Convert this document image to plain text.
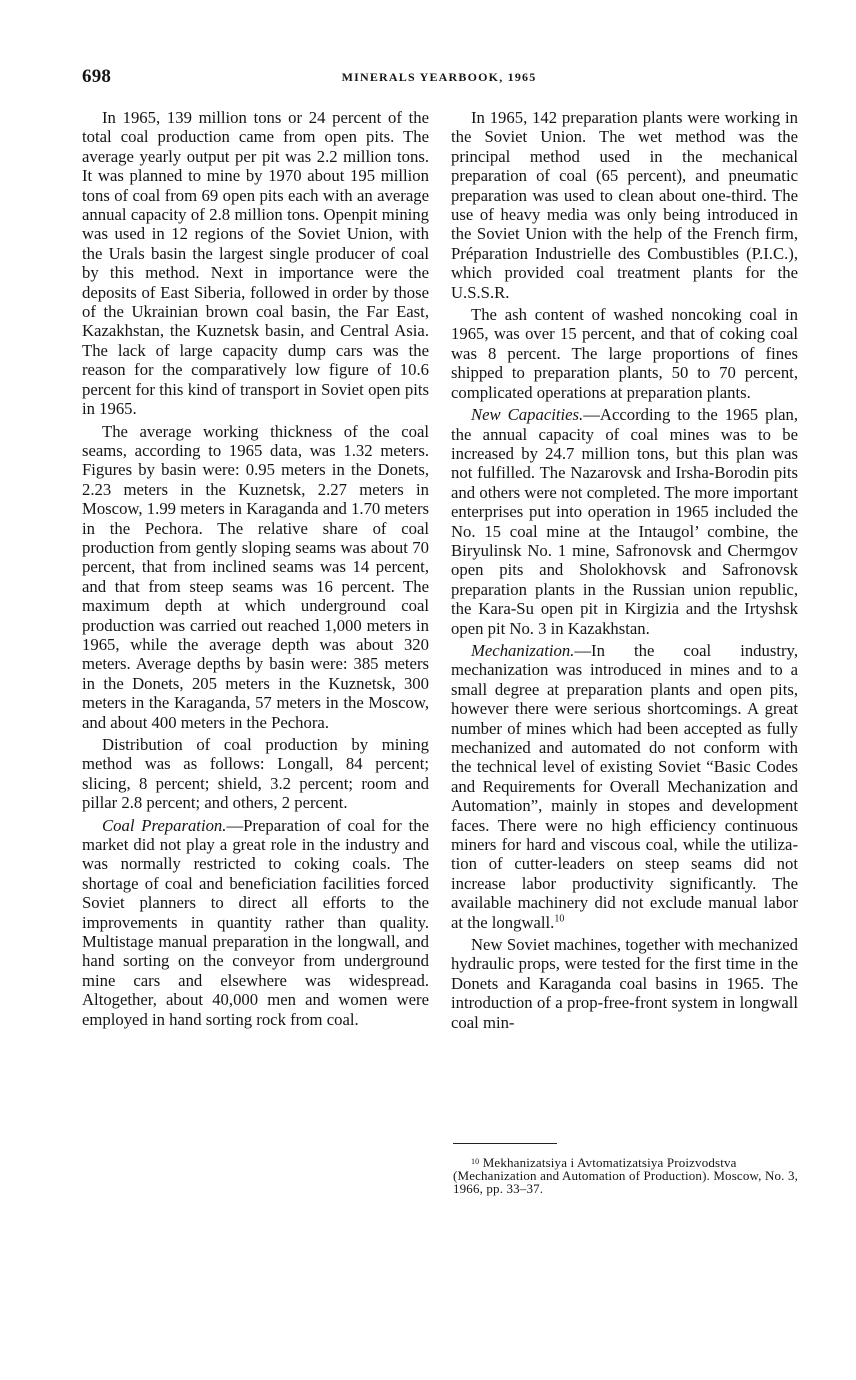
698	MINERALS YEARBOOK, 1965

In 1965, 139 million tons or 24 percent of the total coal production came from open pits. The average yearly output per pit was 2.2 million tons. It was planned to mine by 1970 about 195 million tons of coal from 69 open pits each with an average annual capacity of 2.8 million tons. Openpit mining was used in 12 regions of the Soviet Union, with the Urals basin the largest single producer of coal by this method. Next in importance were the deposits of East Siberia, followed in order by those of the Ukrainian brown coal basin, the Far East, Kazakhstan, the Kuznetsk basin, and Central Asia. The lack of large capacity dump cars was the reason for the comparatively low figure of 10.6 percent for this kind of transport in Soviet open pits in 1965.

The average working thickness of the coal seams, according to 1965 data, was 1.32 meters. Figures by basin were: 0.95 meters in the Donets, 2.23 meters in the Kuznetsk, 2.27 meters in Moscow, 1.99 meters in Karaganda and 1.70 meters in the Pechora. The relative share of coal production from gently sloping seams was about 70 percent, that from inclined seams was 14 percent, and that from steep seams was 16 percent. The maximum depth at which underground coal production was carried out reached 1,000 meters in 1965, while the average depth was about 320 meters. Average depths by basin were: 385 meters in the Donets, 205 meters in the Kuznetsk, 300 meters in the Karaganda, 57 meters in the Moscow, and about 400 meters in the Pechora.

Distribution of coal production by mining method was as follows: Longall, 84 percent; slicing, 8 percent; shield, 3.2 percent; room and pillar 2.8 percent; and others, 2 percent.

Coal Preparation.—Preparation of coal for the market did not play a great role in the industry and was normally restricted to coking coals. The shortage of coal and beneficiation facilities forced Soviet planners to direct all efforts to the improvements in quantity rather than quality. Multistage manual preparation in the longwall, and hand sorting on the conveyor from underground mine cars and elsewhere was widespread. Altogether, about 40,000 men and women were employed in hand sorting rock from coal.

In 1965, 142 preparation plants were working in the Soviet Union. The wet method was the principal method used in the mechanical preparation of coal (65 percent), and pneumatic preparation was used to clean about one-third. The use of heavy media was only being introduced in the Soviet Union with the help of the French firm, Préparation Industrielle des Combustibles (P.I.C.), which provided coal treatment plants for the U.S.S.R.

The ash content of washed noncoking coal in 1965, was over 15 percent, and that of coking coal was 8 percent. The large proportions of fines shipped to preparation plants, 50 to 70 percent, complicated operations at preparation plants.

New Capacities.—According to the 1965 plan, the annual capacity of coal mines was to be increased by 24.7 million tons, but this plan was not fulfilled. The Nazarovsk and Irsha-Borodin pits and others were not completed. The more important enterprises put into operation in 1965 included the No. 15 coal mine at the Intaugol’ combine, the Biryulinsk No. 1 mine, Safronovsk and Chermgov open pits and Sholokhovsk and Safronovsk preparation plants in the Russian union republic, the Kara-Su open pit in Kirgizia and the Irtyshsk open pit No. 3 in Kazakhstan.

Mechanization.—In the coal industry, mechanization was introduced in mines and to a small degree at preparation plants and open pits, however there were serious shortcomings. A great number of mines which had been accepted as fully mechanized and automated do not conform with the technical level of existing Soviet “Basic Codes and Requirements for Overall Mechanization and Automation”, mainly in stopes and development faces. There were no high efficiency continuous miners for hard and viscous coal, while the utilization of cutter-leaders on steep seams did not increase labor productivity significantly. The available machinery did not exclude manual labor at the longwall.$^{10}$

New Soviet machines, together with mechanized hydraulic props, were tested for the first time in the Donets and Karaganda coal basins in 1965. The introduction of a prop-free-front system in longwall coal min-

$^{10}$ Mekhanizatsiya i Avtomatizatsiya Proizvodstva (Mechanization and Automation of Production). Moscow, No. 3, 1966, pp. 33–37.
